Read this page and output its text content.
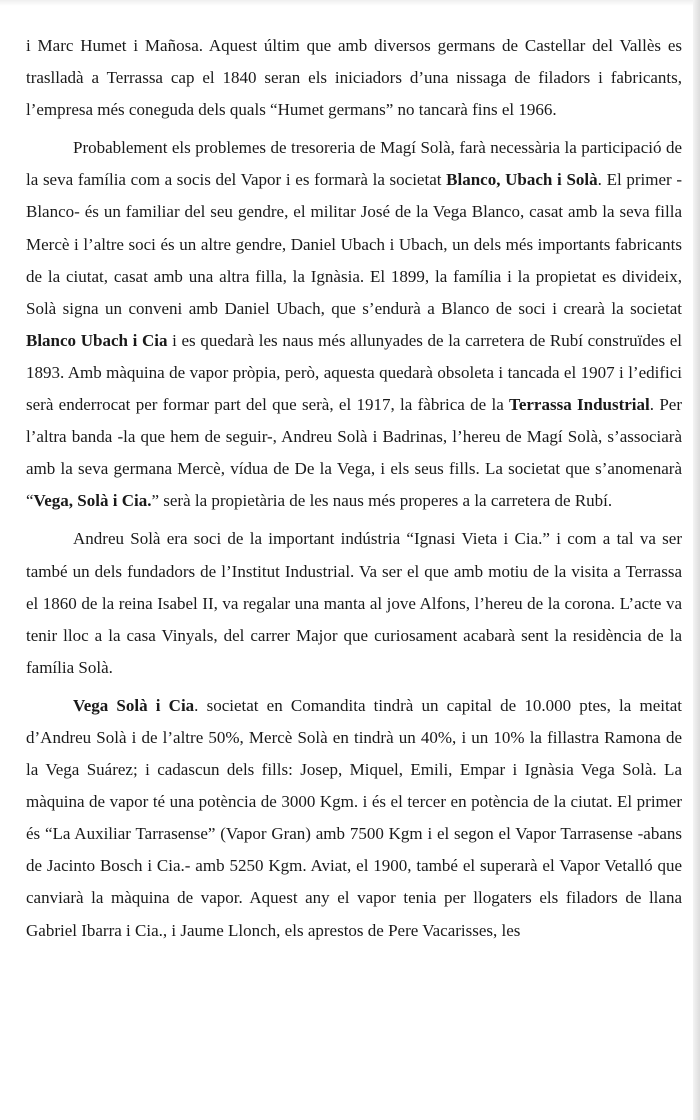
i Marc Humet i Mañosa. Aquest últim que amb diversos germans de Castellar del Vallès es traslladà a Terrassa cap el 1840 seran els iniciadors d’una nissaga de filadors i fabricants, l’empresa més coneguda dels quals “Humet germans” no tancarà fins el 1966.

Probablement els problemes de tresoreria de Magí Solà, farà necessària la participació de la seva família com a socis del Vapor i es formarà la societat Blanco, Ubach i Solà. El primer -Blanco- és un familiar del seu gendre, el militar José de la Vega Blanco, casat amb la seva filla Mercè i l’altre soci és un altre gendre, Daniel Ubach i Ubach, un dels més importants fabricants de la ciutat, casat amb una altra filla, la Ignàsia. El 1899, la família i la propietat es divideix, Solà signa un conveni amb Daniel Ubach, que s’endurà a Blanco de soci i crearà la societat Blanco Ubach i Cia i es quedarà les naus més allunyades de la carretera de Rubí construïdes el 1893. Amb màquina de vapor pròpia, però, aquesta quedarà obsoleta i tancada el 1907 i l’edifici serà enderrocat per formar part del que serà, el 1917, la fàbrica de la Terrassa Industrial. Per l’altra banda -la que hem de seguir-, Andreu Solà i Badrinas, l’hereu de Magí Solà, s’associarà amb la seva germana Mercè, vídua de De la Vega, i els seus fills. La societat que s’anomenarà “Vega, Solà i Cia.” serà la propietària de les naus més properes a la carretera de Rubí.

Andreu Solà era soci de la important indústria “Ignasi Vieta i Cia.” i com a tal va ser també un dels fundadors de l’Institut Industrial. Va ser el que amb motiu de la visita a Terrassa el 1860 de la reina Isabel II, va regalar una manta al jove Alfons, l’hereu de la corona. L’acte va tenir lloc a la casa Vinyals, del carrer Major que curiosament acabarà sent la residència de la família Solà.

Vega Solà i Cia. societat en Comandita tindrà un capital de 10.000 ptes, la meitat d’Andreu Solà i de l’altre 50%, Mercè Solà en tindrà un 40%, i un 10% la fillastra Ramona de la Vega Suárez; i cadascun dels fills: Josep, Miquel, Emili, Empar i Ignàsia Vega Solà. La màquina de vapor té una potència de 3000 Kgm. i és el tercer en potència de la ciutat. El primer és “La Auxiliar Tarrasense” (Vapor Gran) amb 7500 Kgm i el segon el Vapor Tarrasense -abans de Jacinto Bosch i Cia.- amb 5250 Kgm. Aviat, el 1900, també el superarà el Vapor Vetalló que canviarà la màquina de vapor. Aquest any el vapor tenia per llogaters els filadors de llana Gabriel Ibarra i Cia., i Jaume Llonch, els aprestos de Pere Vacarisses, les
